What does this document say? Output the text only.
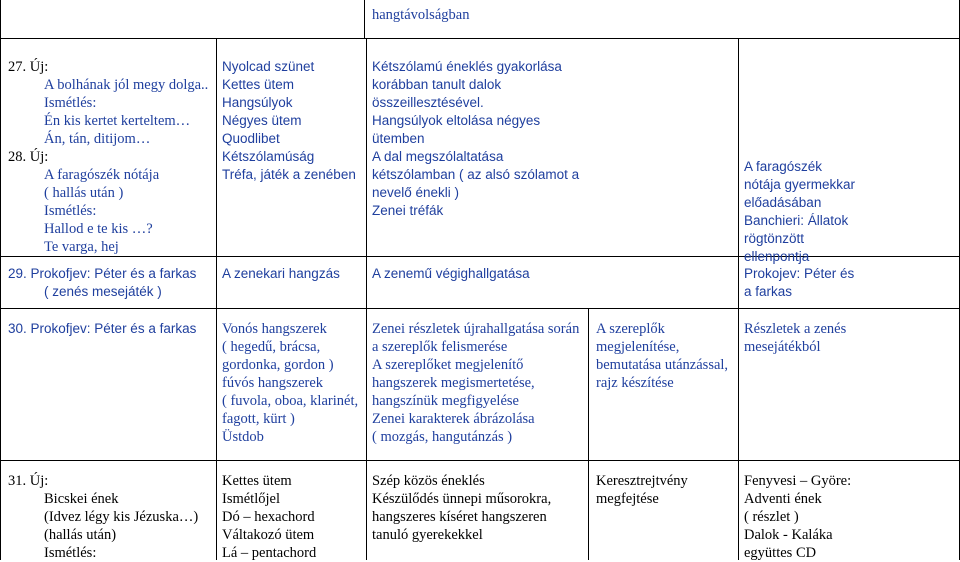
hangtávolságban
27. Új:
A bolhának jól megy dolga..
Ismétlés:
Én kis kertet kerteltem…
Án, tán, ditijom…
28. Új:
A faragószék nótája
( hallás után )
Ismétlés:
Hallod e te kis …?
Te varga, hej
Nyolcad szünet
Kettes ütem
Hangsúlyok
Négyes ütem
Quodlibet
Kétszólamúság
Tréfa, játék a zenében
Kétszólamú éneklés gyakorlása
korábban tanult dalok
összeillesztésével.
Hangsúlyok eltolása négyes
ütemben
A dal megszólaltatása
kétszólamban ( az alsó szólamot a
nevelő énekli )
Zenei tréfák
A faragószék
nótája gyermekkar
előadásában
Banchieri: Állatok
rögtönzött
ellenpontja
29. Prokofjev: Péter és a farkas
( zenés mesejáték )
A zenekari hangzás A zenemű végighallgatása	Prokojev: Péter és
a farkas
30. Prokofjev: Péter és a farkas Vonós hangszerek
( hegedű, brácsa,
gordonka, gordon )
fúvós hangszerek
( fuvola, oboa, klarinét,
fagott, kürt )
Üstdob
Zenei részletek újrahallgatása során
a szereplők felismerése
A szereplőket megjelenítő
hangszerek megismertetése,
hangszínük megfigyelése
Zenei karakterek ábrázolása
( mozgás, hangutánzás )
A szereplők
megjelenítése,
bemutatása utánzással,
rajz készítése
Részletek a zenés
mesejátékból
31. Új:
Bicskei ének
(Idvez légy kis Jézuska…)
(hallás után)
Ismétlés:
Kettes ütem
Ismétlőjel
Dó – hexachord
Váltakozó ütem
Lá – pentachord
Szép közös éneklés
Készülődés ünnepi műsorokra,
hangszeres kíséret hangszeren
tanuló gyerekekkel
Keresztrejtvény
megfejtése
Fenyvesi – Györe:
Adventi ének
( részlet )
Dalok - Kaláka
együttes CD
